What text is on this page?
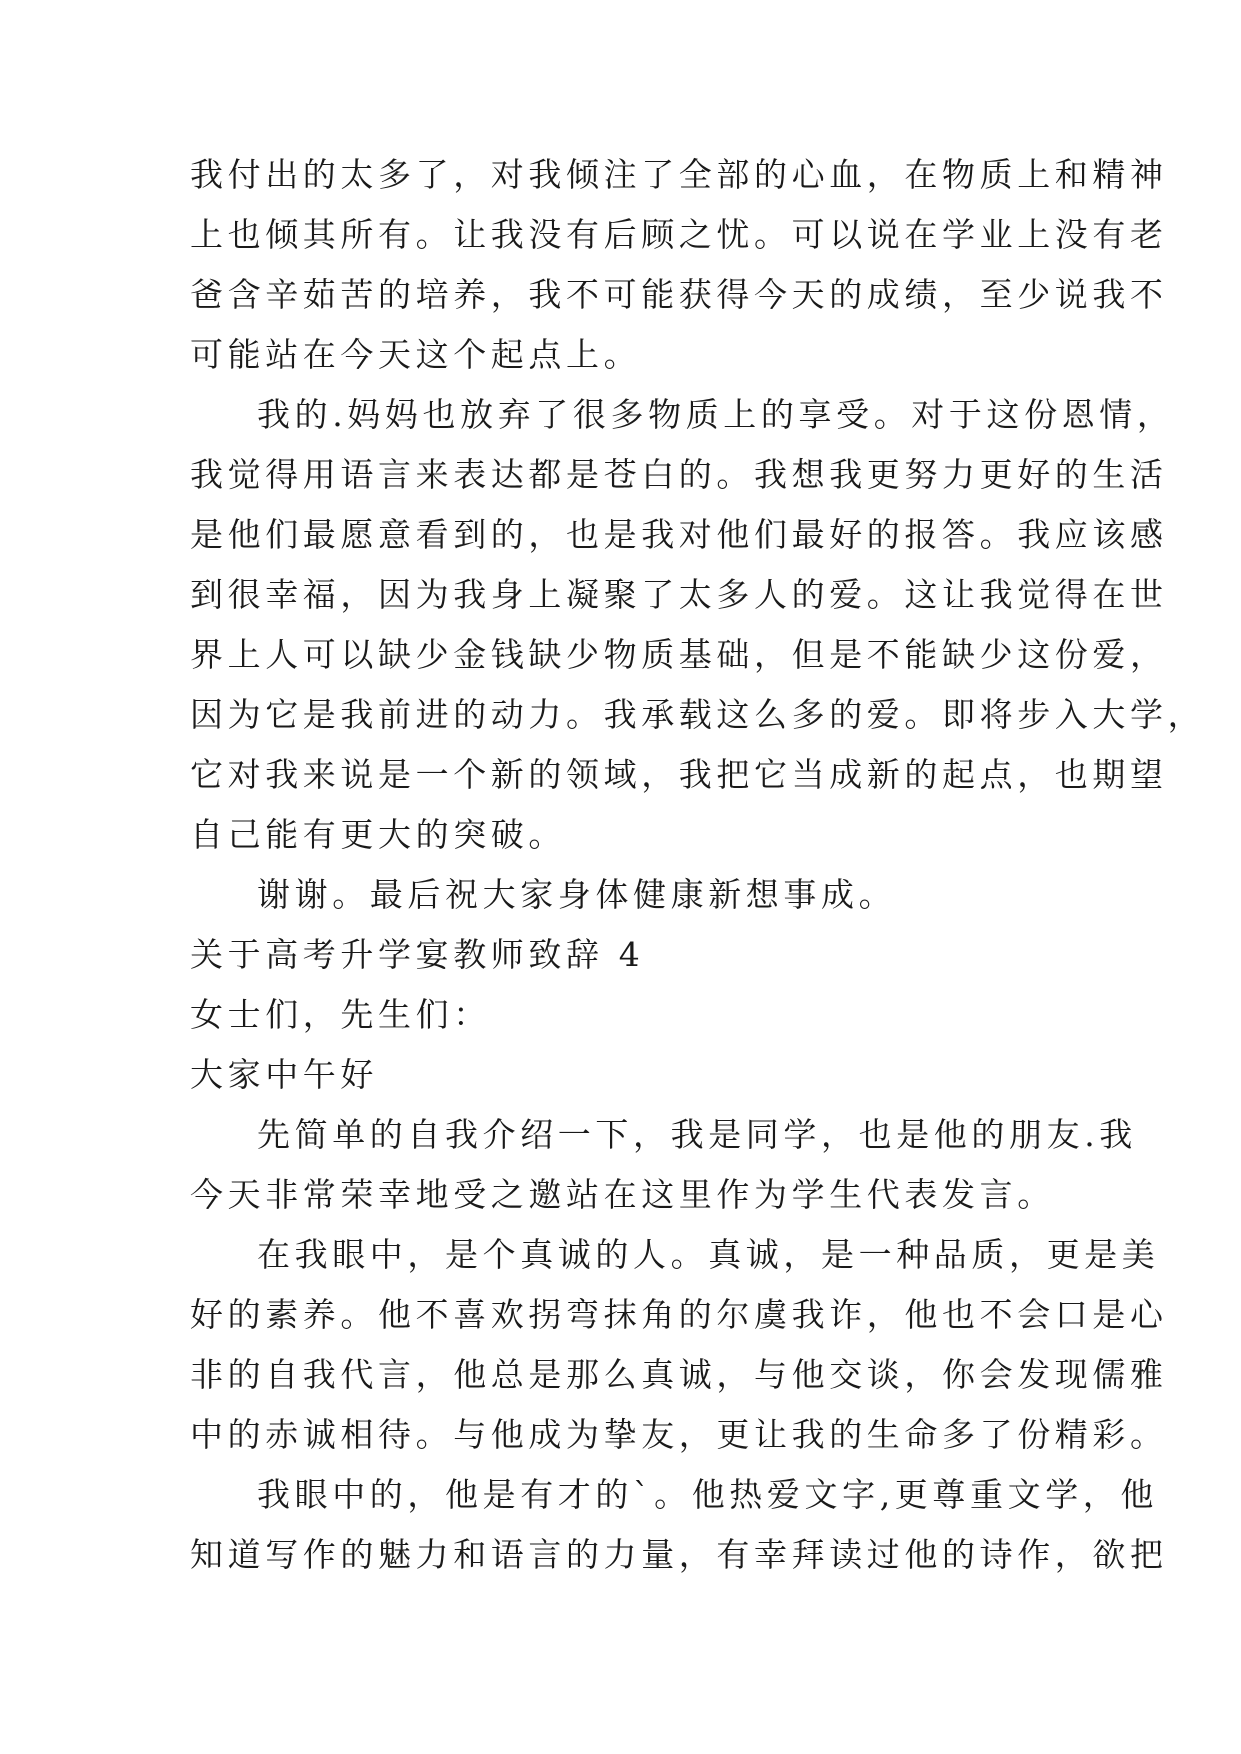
我付出的太多了，对我倾注了全部的心血，在物质上和精神
上也倾其所有。让我没有后顾之忧。可以说在学业上没有老
爸含辛茹苦的培养，我不可能获得今天的成绩，至少说我不
可能站在今天这个起点上。
我的.妈妈也放弃了很多物质上的享受。对于这份恩情，
我觉得用语言来表达都是苍白的。我想我更努力更好的生活
是他们最愿意看到的，也是我对他们最好的报答。我应该感
到很幸福，因为我身上凝聚了太多人的爱。这让我觉得在世
界上人可以缺少金钱缺少物质基础，但是不能缺少这份爱，
因为它是我前进的动力。我承载这么多的爱。即将步入大学，
它对我来说是一个新的领域，我把它当成新的起点，也期望
自己能有更大的突破。
谢谢。最后祝大家身体健康新想事成。
关于高考升学宴教师致辞 4
女士们，先生们：
大家中午好
先简单的自我介绍一下，我是同学，也是他的朋友.我
今天非常荣幸地受之邀站在这里作为学生代表发言。
在我眼中，是个真诚的人。真诚，是一种品质，更是美
好的素养。他不喜欢拐弯抹角的尔虞我诈，他也不会口是心
非的自我代言，他总是那么真诚，与他交谈，你会发现儒雅
中的赤诚相待。与他成为挚友，更让我的生命多了份精彩。
我眼中的，他是有才的`。他热爱文字,更尊重文学，他
知道写作的魅力和语言的力量，有幸拜读过他的诗作，欲把
